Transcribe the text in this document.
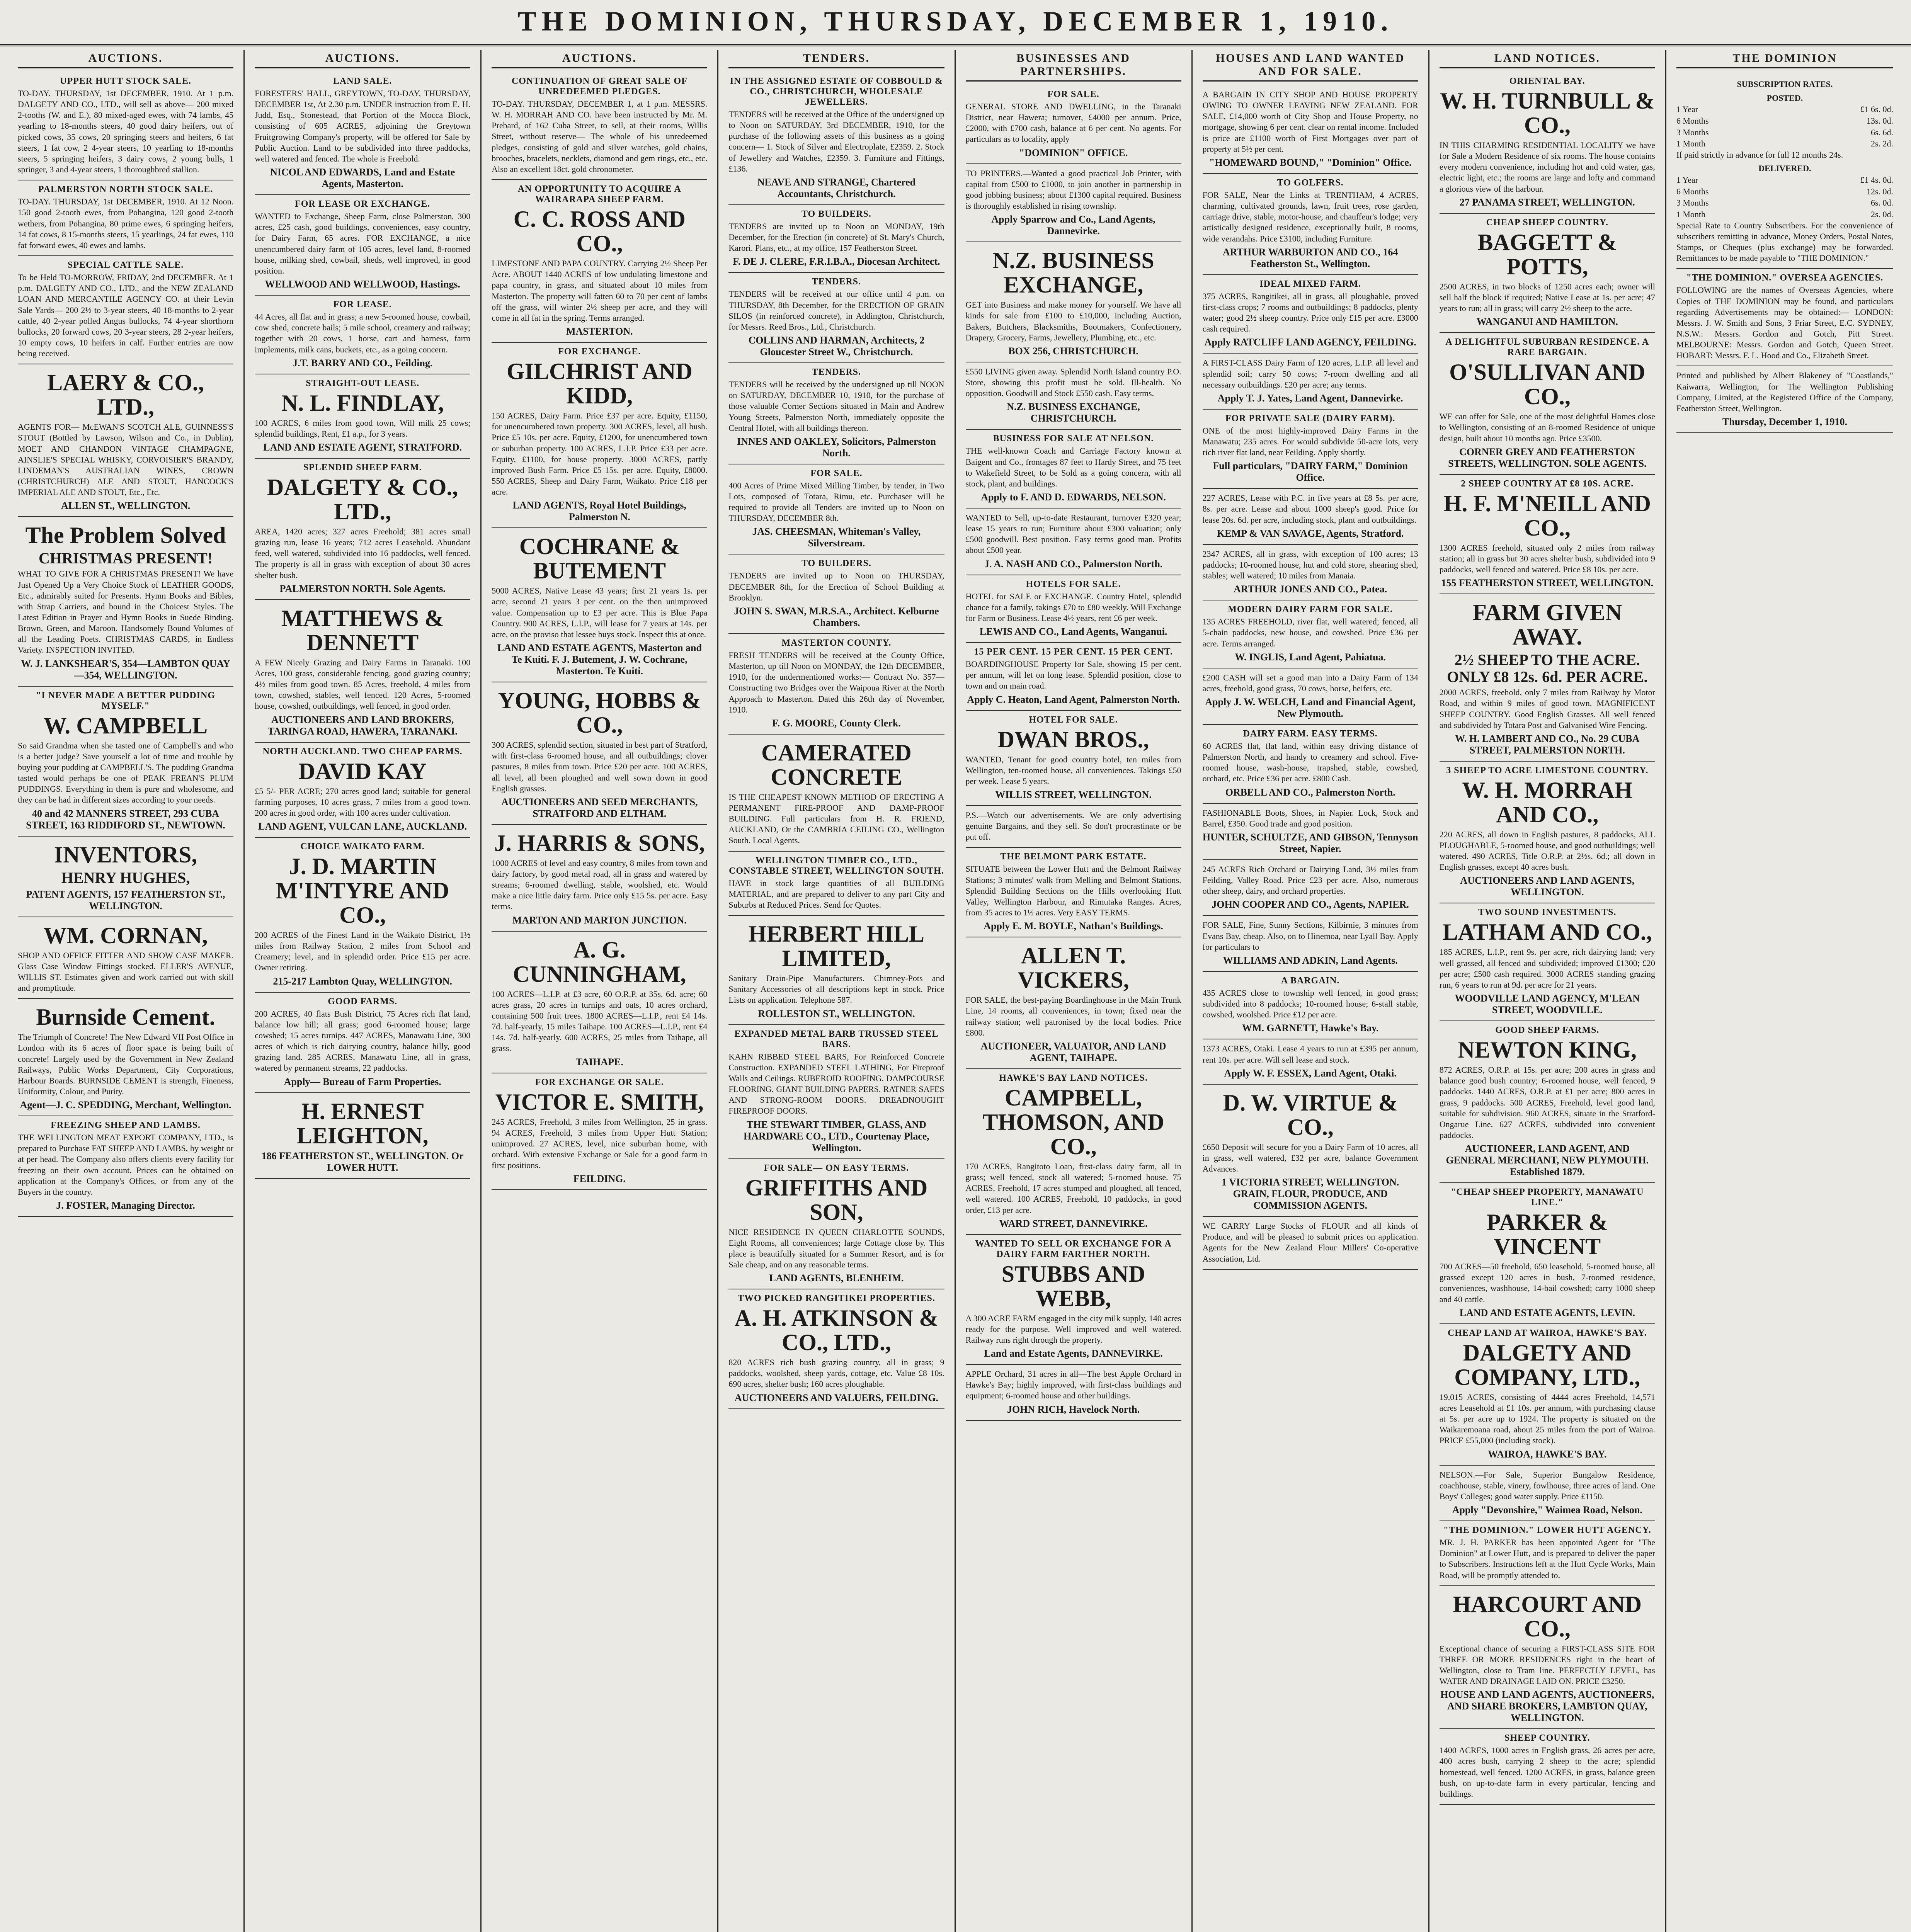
THE DOMINION, THURSDAY, DECEMBER 1, 1910.
AUCTIONS.
UPPER HUTT STOCK SALE.

TO-DAY. THURSDAY, 1st DECEMBER, 1910. At 1 p.m. DALGETY AND CO., LTD., will sell as above— 200 mixed 2-tooths (W. and E.), 80 mixed-aged ewes, with 74 lambs, 45 yearling to 18-months steers, 40 good dairy heifers, out of picked cows, 35 cows, 20 springing steers and heifers, 6 fat steers, 1 fat cow, 2 4-year steers, 10 yearling to 18-months steers, 5 springing heifers, 3 dairy cows, 2 young bulls, 1 springer, 3 and 4-year steers, 1 thoroughbred stallion.

PALMERSTON NORTH STOCK SALE.

TO-DAY. THURSDAY, 1st DECEMBER, 1910. At 12 Noon. 150 good 2-tooth ewes, from Pohangina, 120 good 2-tooth wethers, from Pohangina, 80 prime ewes, 6 springing heifers, 14 fat cows, 8 15-months steers, 15 yearlings, 24 fat ewes, 110 fat forward ewes, 40 ewes and lambs.

SPECIAL CATTLE SALE.

To be Held TO-MORROW, FRIDAY, 2nd DECEMBER. At 1 p.m. DALGETY AND CO., LTD., and the NEW ZEALAND LOAN AND MERCANTILE AGENCY CO. at their Levin Sale Yards— 200 2½ to 3-year steers, 40 18-months to 2-year cattle, 40 2-year polled Angus bullocks, 74 4-year shorthorn bullocks, 20 forward cows, 20 3-year steers, 28 2-year heifers, 10 empty cows, 10 heifers in calf. Further entries are now being received.

LAERY & CO., LTD.,

AGENTS FOR— McEWAN'S SCOTCH ALE, GUINNESS'S STOUT (Bottled by Lawson, Wilson and Co., in Dublin), MOET AND CHANDON VINTAGE CHAMPAGNE, AINSLIE'S SPECIAL WHISKY, CORVOISIER'S BRANDY, LINDEMAN'S AUSTRALIAN WINES, CROWN (CHRISTCHURCH) ALE AND STOUT, HANCOCK'S IMPERIAL ALE AND STOUT, Etc., Etc.

ALLEN ST., WELLINGTON.
The Problem Solved
CHRISTMAS PRESENT!

WHAT TO GIVE FOR A CHRISTMAS PRESENT! We have Just Opened Up a Very Choice Stock of LEATHER GOODS, Etc., admirably suited for Presents. Hymn Books and Bibles, with Strap Carriers, and bound in the Choicest Styles. The Latest Edition in Prayer and Hymn Books in Suede Binding. Brown, Green, and Maroon. Handsomely Bound Volumes of all the Leading Poets. CHRISTMAS CARDS, in Endless Variety. INSPECTION INVITED.

W. J. LANKSHEAR'S, 354—LAMBTON QUAY—354, WELLINGTON.
"I NEVER MADE A BETTER PUDDING MYSELF."
W. CAMPBELL

So said Grandma when she tasted one of Campbell's and who is a better judge? Save yourself a lot of time and trouble by buying your pudding at CAMPBELL'S. The pudding Grandma tasted would perhaps be one of PEAK FREAN'S PLUM PUDDINGS. Everything in them is pure and wholesome, and they can be had in different sizes according to your needs.

40 and 42 MANNERS STREET, 293 CUBA STREET, 163 RIDDIFORD ST., NEWTOWN.
INVENTORS,
HENRY HUGHES,
PATENT AGENTS, 157 FEATHERSTON ST., WELLINGTON.
WM. CORNAN,

SHOP AND OFFICE FITTER AND SHOW CASE MAKER. Glass Case Window Fittings stocked. ELLER'S AVENUE, WILLIS ST. Estimates given and work carried out with skill and promptitude.

Burnside Cement.

The Triumph of Concrete! The New Edward VII Post Office in London with its 6 acres of floor space is being built of concrete! Largely used by the Government in New Zealand Railways, Public Works Department, City Corporations, Harbour Boards. BURNSIDE CEMENT is strength, Fineness, Uniformity, Colour, and Purity.

Agent—J. C. SPEDDING, Merchant, Wellington.
FREEZING SHEEP AND LAMBS.

THE WELLINGTON MEAT EXPORT COMPANY, LTD., is prepared to Purchase FAT SHEEP AND LAMBS, by weight or at per head. The Company also offers clients every facility for freezing on their own account. Prices can be obtained on application at the Company's Offices, or from any of the Buyers in the country.

J. FOSTER, Managing Director.
AUCTIONS.
LAND SALE.

FORESTERS' HALL, GREYTOWN, TO-DAY, THURSDAY, DECEMBER 1st, At 2.30 p.m. UNDER instruction from E. H. Judd, Esq., Stonestead, that Portion of the Mocca Block, consisting of 605 ACRES, adjoining the Greytown Fruitgrowing Company's property, will be offered for Sale by Public Auction. Land to be subdivided into three paddocks, well watered and fenced. The whole is Freehold.

NICOL AND EDWARDS, Land and Estate Agents, Masterton.
FOR LEASE OR EXCHANGE.

WANTED to Exchange, Sheep Farm, close Palmerston, 300 acres, £25 cash, good buildings, conveniences, easy country, for Dairy Farm, 65 acres. FOR EXCHANGE, a nice unencumbered dairy farm of 105 acres, level land, 8-roomed house, milking shed, cowbail, sheds, well improved, in good position.

WELLWOOD AND WELLWOOD, Hastings.
FOR LEASE.

44 Acres, all flat and in grass; a new 5-roomed house, cowbail, cow shed, concrete bails; 5 mile school, creamery and railway; together with 20 cows, 1 horse, cart and harness, farm implements, milk cans, buckets, etc., as a going concern.

J.T. BARRY AND CO., Feilding.
STRAIGHT-OUT LEASE.
N. L. FINDLAY,

100 ACRES, 6 miles from good town, Will milk 25 cows; splendid buildings, Rent, £1 a.p., for 3 years.

LAND AND ESTATE AGENT, STRATFORD.
SPLENDID SHEEP FARM.
DALGETY & CO., LTD.,

AREA, 1420 acres; 327 acres Freehold; 381 acres small grazing run, lease 16 years; 712 acres Leasehold. Abundant feed, well watered, subdivided into 16 paddocks, well fenced. The property is all in grass with exception of about 30 acres shelter bush.

PALMERSTON NORTH. Sole Agents.
MATTHEWS & DENNETT

A FEW Nicely Grazing and Dairy Farms in Taranaki. 100 Acres, 100 grass, considerable fencing, good grazing country; 4½ miles from good town. 85 Acres, freehold, 4 miles from town, cowshed, stables, well fenced. 120 Acres, 5-roomed house, cowshed, outbuildings, well fenced, in good order.

AUCTIONEERS AND LAND BROKERS, TARINGA ROAD, HAWERA, TARANAKI.
NORTH AUCKLAND. TWO CHEAP FARMS.
DAVID KAY

£5 5/- PER ACRE; 270 acres good land; suitable for general farming purposes, 10 acres grass, 7 miles from a good town. 200 acres in good order, with 100 acres under cultivation.

LAND AGENT, VULCAN LANE, AUCKLAND.
CHOICE WAIKATO FARM.
J. D. MARTIN M'INTYRE AND CO.,

200 ACRES of the Finest Land in the Waikato District, 1½ miles from Railway Station, 2 miles from School and Creamery; level, and in splendid order. Price £15 per acre. Owner retiring.

215-217 Lambton Quay, WELLINGTON.
GOOD FARMS.

200 ACRES, 40 flats Bush District, 75 Acres rich flat land, balance low hill; all grass; good 6-roomed house; large cowshed; 15 acres turnips. 447 ACRES, Manawatu Line, 300 acres of which is rich dairying country, balance hilly, good grazing land. 285 ACRES, Manawatu Line, all in grass, watered by permanent streams, 22 paddocks.

Apply— Bureau of Farm Properties.
H. ERNEST LEIGHTON,
186 FEATHERSTON ST., WELLINGTON. Or LOWER HUTT.
AUCTIONS.
CONTINUATION OF GREAT SALE OF UNREDEEMED PLEDGES.

TO-DAY. THURSDAY, DECEMBER 1, at 1 p.m. MESSRS. W. H. MORRAH AND CO. have been instructed by Mr. M. Prebard, of 162 Cuba Street, to sell, at their rooms, Willis Street, without reserve— The whole of his unredeemed pledges, consisting of gold and silver watches, gold chains, brooches, bracelets, necklets, diamond and gem rings, etc., etc. Also an excellent 18ct. gold chronometer.

AN OPPORTUNITY TO ACQUIRE A WAIRARAPA SHEEP FARM.
C. C. ROSS AND CO.,

LIMESTONE AND PAPA COUNTRY. Carrying 2½ Sheep Per Acre. ABOUT 1440 ACRES of low undulating limestone and papa country, in grass, and situated about 10 miles from Masterton. The property will fatten 60 to 70 per cent of lambs off the grass, will winter 2½ sheep per acre, and they will come in all fat in the spring. Terms arranged.

MASTERTON.
FOR EXCHANGE.
GILCHRIST AND KIDD,

150 ACRES, Dairy Farm. Price £37 per acre. Equity, £1150, for unencumbered town property. 300 ACRES, level, all bush. Price £5 10s. per acre. Equity, £1200, for unencumbered town or suburban property. 100 ACRES, L.I.P. Price £33 per acre. Equity, £1100, for house property. 3000 ACRES, partly improved Bush Farm. Price £5 15s. per acre. Equity, £8000. 550 ACRES, Sheep and Dairy Farm, Waikato. Price £18 per acre.

LAND AGENTS, Royal Hotel Buildings, Palmerston N.
COCHRANE & BUTEMENT

5000 ACRES, Native Lease 43 years; first 21 years 1s. per acre, second 21 years 3 per cent. on the then unimproved value. Compensation up to £3 per acre. This is Blue Papa Country. 900 ACRES, L.I.P., will lease for 7 years at 14s. per acre, on the proviso that lessee buys stock. Inspect this at once.

LAND AND ESTATE AGENTS, Masterton and Te Kuiti. F. J. Butement, J. W. Cochrane, Masterton. Te Kuiti.
YOUNG, HOBBS & CO.,

300 ACRES, splendid section, situated in best part of Stratford, with first-class 6-roomed house, and all outbuildings; clover pastures, 8 miles from town. Price £20 per acre. 100 ACRES, all level, all been ploughed and well sown down in good English grasses.

AUCTIONEERS AND SEED MERCHANTS, STRATFORD AND ELTHAM.
J. HARRIS & SONS,

1000 ACRES of level and easy country, 8 miles from town and dairy factory, by good metal road, all in grass and watered by streams; 6-roomed dwelling, stable, woolshed, etc. Would make a nice little dairy farm. Price only £15 5s. per acre. Easy terms.

MARTON AND MARTON JUNCTION.
A. G. CUNNINGHAM,

100 ACRES—L.I.P. at £3 acre, 60 O.R.P. at 35s. 6d. acre; 60 acres grass, 20 acres in turnips and oats, 10 acres orchard, containing 500 fruit trees. 1800 ACRES—L.I.P., rent £4 14s. 7d. half-yearly, 15 miles Taihape. 100 ACRES—L.I.P., rent £4 14s. 7d. half-yearly. 600 ACRES, 25 miles from Taihape, all grass.

TAIHAPE.
FOR EXCHANGE OR SALE.
VICTOR E. SMITH,

245 ACRES, Freehold, 3 miles from Wellington, 25 in grass. 94 ACRES, Freehold, 3 miles from Upper Hutt Station; unimproved. 27 ACRES, level, nice suburban home, with orchard. With extensive Exchange or Sale for a good farm in first positions.

FEILDING.
TENDERS.
IN THE ASSIGNED ESTATE OF COBBOULD & CO., CHRISTCHURCH, WHOLESALE JEWELLERS.

TENDERS will be received at the Office of the undersigned up to Noon on SATURDAY, 3rd DECEMBER, 1910, for the purchase of the following assets of this business as a going concern— 1. Stock of Silver and Electroplate, £2359. 2. Stock of Jewellery and Watches, £2359. 3. Furniture and Fittings, £136.

NEAVE AND STRANGE, Chartered Accountants, Christchurch.
TO BUILDERS.

TENDERS are invited up to Noon on MONDAY, 19th December, for the Erection (in concrete) of St. Mary's Church, Karori. Plans, etc., at my office, 157 Featherston Street.

F. DE J. CLERE, F.R.I.B.A., Diocesan Architect.
TENDERS.

TENDERS will be received at our office until 4 p.m. on THURSDAY, 8th December, for the ERECTION OF GRAIN SILOS (in reinforced concrete), in Addington, Christchurch, for Messrs. Reed Bros., Ltd., Christchurch.

COLLINS AND HARMAN, Architects, 2 Gloucester Street W., Christchurch.
TENDERS.

TENDERS will be received by the undersigned up till NOON on SATURDAY, DECEMBER 10, 1910, for the purchase of those valuable Corner Sections situated in Main and Andrew Young Streets, Palmerston North, immediately opposite the Central Hotel, with all buildings thereon.

INNES AND OAKLEY, Solicitors, Palmerston North.
FOR SALE.

400 Acres of Prime Mixed Milling Timber, by tender, in Two Lots, composed of Totara, Rimu, etc. Purchaser will be required to provide all Tenders are invited up to Noon on THURSDAY, DECEMBER 8th.

JAS. CHEESMAN, Whiteman's Valley, Silverstream.
TO BUILDERS.

TENDERS are invited up to Noon on THURSDAY, DECEMBER 8th, for the Erection of School Building at Brooklyn.

JOHN S. SWAN, M.R.S.A., Architect. Kelburne Chambers.
MASTERTON COUNTY.

FRESH TENDERS will be received at the County Office, Masterton, up till Noon on MONDAY, the 12th DECEMBER, 1910, for the undermentioned works:— Contract No. 357—Constructing two Bridges over the Waipoua River at the North Approach to Masterton. Dated this 26th day of November, 1910.

F. G. MOORE, County Clerk.
CAMERATED CONCRETE

IS THE CHEAPEST KNOWN METHOD OF ERECTING A PERMANENT FIRE-PROOF AND DAMP-PROOF BUILDING. Full particulars from H. R. FRIEND, AUCKLAND, Or the CAMBRIA CEILING CO., Wellington South. Local Agents.

WELLINGTON TIMBER CO., LTD., CONSTABLE STREET, WELLINGTON SOUTH.

HAVE in stock large quantities of all BUILDING MATERIAL, and are prepared to deliver to any part City and Suburbs at Reduced Prices. Send for Quotes.

HERBERT HILL LIMITED,

Sanitary Drain-Pipe Manufacturers. Chimney-Pots and Sanitary Accessories of all descriptions kept in stock. Price Lists on application. Telephone 587.

ROLLESTON ST., WELLINGTON.
EXPANDED METAL BARB TRUSSED STEEL BARS.

KAHN RIBBED STEEL BARS, For Reinforced Concrete Construction. EXPANDED STEEL LATHING, For Fireproof Walls and Ceilings. RUBEROID ROOFING. DAMPCOURSE FLOORING. GIANT BUILDING PAPERS. RATNER SAFES AND STRONG-ROOM DOORS. DREADNOUGHT FIREPROOF DOORS.

THE STEWART TIMBER, GLASS, AND HARDWARE CO., LTD., Courtenay Place, Wellington.
FOR SALE— ON EASY TERMS.
GRIFFITHS AND SON,

NICE RESIDENCE IN QUEEN CHARLOTTE SOUNDS, Eight Rooms, all conveniences; large Cottage close by. This place is beautifully situated for a Summer Resort, and is for Sale cheap, and on any reasonable terms.

LAND AGENTS, BLENHEIM.
TWO PICKED RANGITIKEI PROPERTIES.
A. H. ATKINSON & CO., LTD.,

820 ACRES rich bush grazing country, all in grass; 9 paddocks, woolshed, sheep yards, cottage, etc. Value £8 10s. 690 acres, shelter bush; 160 acres ploughable.

AUCTIONEERS AND VALUERS, FEILDING.
BUSINESSES AND PARTNERSHIPS.
FOR SALE.

GENERAL STORE AND DWELLING, in the Taranaki District, near Hawera; turnover, £4000 per annum. Price, £2000, with £700 cash, balance at 6 per cent. No agents. For particulars as to locality, apply

"DOMINION" OFFICE.

TO PRINTERS.—Wanted a good practical Job Printer, with capital from £500 to £1000, to join another in partnership in good jobbing business; about £1300 capital required. Business is thoroughly established in rising township.

Apply Sparrow and Co., Land Agents, Dannevirke.
N.Z. BUSINESS EXCHANGE,

GET into Business and make money for yourself. We have all kinds for sale from £100 to £10,000, including Auction, Bakers, Butchers, Blacksmiths, Bootmakers, Confectionery, Drapery, Grocery, Farms, Jewellery, Plumbing, etc., etc.

BOX 256, CHRISTCHURCH.

£550 LIVING given away. Splendid North Island country P.O. Store, showing this profit must be sold. Ill-health. No opposition. Goodwill and Stock £550 cash. Easy terms.

N.Z. BUSINESS EXCHANGE, CHRISTCHURCH.
BUSINESS FOR SALE AT NELSON.

THE well-known Coach and Carriage Factory known at Baigent and Co., frontages 87 feet to Hardy Street, and 75 feet to Wakefield Street, to be Sold as a going concern, with all stock, plant, and buildings.

Apply to F. AND D. EDWARDS, NELSON.

WANTED to Sell, up-to-date Restaurant, turnover £320 year; lease 15 years to run; Furniture about £300 valuation; only £500 goodwill. Best position. Easy terms good man. Profits about £500 year.

J. A. NASH AND CO., Palmerston North.
HOTELS FOR SALE.

HOTEL for SALE or EXCHANGE. Country Hotel, splendid chance for a family, takings £70 to £80 weekly. Will Exchange for Farm or Business. Lease 4½ years, rent £6 per week.

LEWIS AND CO., Land Agents, Wanganui.
15 PER CENT. 15 PER CENT. 15 PER CENT.

BOARDINGHOUSE Property for Sale, showing 15 per cent. per annum, will let on long lease. Splendid position, close to town and on main road.

Apply C. Heaton, Land Agent, Palmerston North.
HOTEL FOR SALE.
DWAN BROS.,

WANTED, Tenant for good country hotel, ten miles from Wellington, ten-roomed house, all conveniences. Takings £50 per week. Lease 5 years.

WILLIS STREET, WELLINGTON.

P.S.—Watch our advertisements. We are only advertising genuine Bargains, and they sell. So don't procrastinate or be put off.

THE BELMONT PARK ESTATE.

SITUATE between the Lower Hutt and the Belmont Railway Stations; 3 minutes' walk from Melling and Belmont Stations. Splendid Building Sections on the Hills overlooking Hutt Valley, Wellington Harbour, and Rimutaka Ranges. Acres, from 35 acres to 1½ acres. Very EASY TERMS.

Apply E. M. BOYLE, Nathan's Buildings.
ALLEN T. VICKERS,

FOR SALE, the best-paying Boardinghouse in the Main Trunk Line, 14 rooms, all conveniences, in town; fixed near the railway station; well patronised by the local bodies. Price £800.

AUCTIONEER, VALUATOR, AND LAND AGENT, TAIHAPE.
HAWKE'S BAY LAND NOTICES.
CAMPBELL, THOMSON, AND CO.,

170 ACRES, Rangitoto Loan, first-class dairy farm, all in grass; well fenced, stock all watered; 5-roomed house. 75 ACRES, Freehold, 17 acres stumped and ploughed, all fenced, well watered. 100 ACRES, Freehold, 10 paddocks, in good order, £13 per acre.

WARD STREET, DANNEVIRKE.
WANTED TO SELL OR EXCHANGE FOR A DAIRY FARM FARTHER NORTH.
STUBBS AND WEBB,

A 300 ACRE FARM engaged in the city milk supply, 140 acres ready for the purpose. Well improved and well watered. Railway runs right through the property.

Land and Estate Agents, DANNEVIRKE.

APPLE Orchard, 31 acres in all—The best Apple Orchard in Hawke's Bay; highly improved, with first-class buildings and equipment; 6-roomed house and other buildings.

JOHN RICH, Havelock North.
HOUSES AND LAND WANTED AND FOR SALE.

A BARGAIN IN CITY SHOP AND HOUSE PROPERTY OWING TO OWNER LEAVING NEW ZEALAND. FOR SALE, £14,000 worth of City Shop and House Property, no mortgage, showing 6 per cent. clear on rental income. Included is price are £1100 worth of First Mortgages over part of property at 5½ per cent.

"HOMEWARD BOUND," "Dominion" Office.
TO GOLFERS.

FOR SALE, Near the Links at TRENTHAM, 4 ACRES, charming, cultivated grounds, lawn, fruit trees, rose garden, carriage drive, stable, motor-house, and chauffeur's lodge; very artistically designed residence, exceptionally built, 8 rooms, wide verandahs. Price £3100, including Furniture.

ARTHUR WARBURTON AND CO., 164 Featherston St., Wellington.
IDEAL MIXED FARM.

375 ACRES, Rangitikei, all in grass, all ploughable, proved first-class crops; 7 rooms and outbuildings; 8 paddocks, plenty water; good 2½ sheep country. Price only £15 per acre. £3000 cash required.

Apply RATCLIFF LAND AGENCY, FEILDING.

A FIRST-CLASS Dairy Farm of 120 acres, L.I.P. all level and splendid soil; carry 50 cows; 7-room dwelling and all necessary outbuildings. £20 per acre; any terms.

Apply T. J. Yates, Land Agent, Dannevirke.
FOR PRIVATE SALE (DAIRY FARM).

ONE of the most highly-improved Dairy Farms in the Manawatu; 235 acres. For would subdivide 50-acre lots, very rich river flat land, near Feilding. Apply shortly.

Full particulars, "DAIRY FARM," Dominion Office.

227 ACRES, Lease with P.C. in five years at £8 5s. per acre, 8s. per acre. Lease and about 1000 sheep's good. Price for lease 20s. 6d. per acre, including stock, plant and outbuildings.

KEMP & VAN SAVAGE, Agents, Stratford.

2347 ACRES, all in grass, with exception of 100 acres; 13 paddocks; 10-roomed house, hut and cold store, shearing shed, stables; well watered; 10 miles from Manaia.

ARTHUR JONES AND CO., Patea.
MODERN DAIRY FARM FOR SALE.

135 ACRES FREEHOLD, river flat, well watered; fenced, all 5-chain paddocks, new house, and cowshed. Price £36 per acre. Terms arranged.

W. INGLIS, Land Agent, Pahiatua.

£200 CASH will set a good man into a Dairy Farm of 134 acres, freehold, good grass, 70 cows, horse, heifers, etc.

Apply J. W. WELCH, Land and Financial Agent, New Plymouth.
DAIRY FARM. EASY TERMS.

60 ACRES flat, flat land, within easy driving distance of Palmerston North, and handy to creamery and school. Five-roomed house, wash-house, trapshed, stable, cowshed, orchard, etc. Price £36 per acre. £800 Cash.

ORBELL AND CO., Palmerston North.

FASHIONABLE Boots, Shoes, in Napier. Lock, Stock and Barrel, £350. Good trade and good position.

HUNTER, SCHULTZE, AND GIBSON, Tennyson Street, Napier.

245 ACRES Rich Orchard or Dairying Land, 3½ miles from Feilding, Valley Road. Price £23 per acre. Also, numerous other sheep, dairy, and orchard properties.

JOHN COOPER AND CO., Agents, NAPIER.

FOR SALE, Fine, Sunny Sections, Kilbirnie, 3 minutes from Evans Bay, cheap. Also, on to Hinemoa, near Lyall Bay. Apply for particulars to

WILLIAMS AND ADKIN, Land Agents.
A BARGAIN.

435 ACRES close to township well fenced, in good grass; subdivided into 8 paddocks; 10-roomed house; 6-stall stable, cowshed, woolshed. Price £12 per acre.

WM. GARNETT, Hawke's Bay.

1373 ACRES, Otaki. Lease 4 years to run at £395 per annum, rent 10s. per acre. Will sell lease and stock.

Apply W. F. ESSEX, Land Agent, Otaki.
D. W. VIRTUE & CO.,

£650 Deposit will secure for you a Dairy Farm of 10 acres, all in grass, well watered, £32 per acre, balance Government Advances.

1 VICTORIA STREET, WELLINGTON. GRAIN, FLOUR, PRODUCE, AND COMMISSION AGENTS.

WE CARRY Large Stocks of FLOUR and all kinds of Produce, and will be pleased to submit prices on application. Agents for the New Zealand Flour Millers' Co-operative Association, Ltd.

LAND NOTICES.
ORIENTAL BAY.
W. H. TURNBULL & CO.,

IN THIS CHARMING RESIDENTIAL LOCALITY we have for Sale a Modern Residence of six rooms. The house contains every modern convenience, including hot and cold water, gas, electric light, etc.; the rooms are large and lofty and command a glorious view of the harbour.

27 PANAMA STREET, WELLINGTON.
CHEAP SHEEP COUNTRY.
BAGGETT & POTTS,

2500 ACRES, in two blocks of 1250 acres each; owner will sell half the block if required; Native Lease at 1s. per acre; 47 years to run; all in grass; will carry 2½ sheep to the acre.

WANGANUI AND HAMILTON.
A DELIGHTFUL SUBURBAN RESIDENCE. A RARE BARGAIN.
O'SULLIVAN AND CO.,

WE can offer for Sale, one of the most delightful Homes close to Wellington, consisting of an 8-roomed Residence of unique design, built about 10 months ago. Price £3500.

CORNER GREY AND FEATHERSTON STREETS, WELLINGTON. SOLE AGENTS.
2 SHEEP COUNTRY AT £8 10S. ACRE.
H. F. M'NEILL AND CO.,

1300 ACRES freehold, situated only 2 miles from railway station; all in grass but 30 acres shelter bush, subdivided into 9 paddocks, well fenced and watered. Price £8 10s. per acre.

155 FEATHERSTON STREET, WELLINGTON.
FARM GIVEN AWAY.
2½ SHEEP TO THE ACRE. ONLY £8 12s. 6d. PER ACRE.

2000 ACRES, freehold, only 7 miles from Railway by Motor Road, and within 9 miles of good town. MAGNIFICENT SHEEP COUNTRY. Good English Grasses. All well fenced and subdivided by Totara Post and Galvanised Wire Fencing.

W. H. LAMBERT AND CO., No. 29 CUBA STREET, PALMERSTON NORTH.
3 SHEEP TO ACRE LIMESTONE COUNTRY.
W. H. MORRAH AND CO.,

220 ACRES, all down in English pastures, 8 paddocks, ALL PLOUGHABLE, 5-roomed house, and good outbuildings; well watered. 490 ACRES, Title O.R.P. at 2½s. 6d.; all down in English grasses, except 40 acres bush.

AUCTIONEERS AND LAND AGENTS, WELLINGTON.
TWO SOUND INVESTMENTS.
LATHAM AND CO.,

185 ACRES, L.I.P., rent 9s. per acre, rich dairying land; very well grassed, all fenced and subdivided; improved £1300; £20 per acre; £500 cash required. 3000 ACRES standing grazing run, 6 years to run at 9d. per acre for 21 years.

WOODVILLE LAND AGENCY, M'LEAN STREET, WOODVILLE.
GOOD SHEEP FARMS.
NEWTON KING,

872 ACRES, O.R.P. at 15s. per acre; 200 acres in grass and balance good bush country; 6-roomed house, well fenced, 9 paddocks. 1440 ACRES, O.R.P. at £1 per acre; 800 acres in grass, 9 paddocks. 500 ACRES, Freehold, level good land, suitable for subdivision. 960 ACRES, situate in the Stratford-Ongarue Line. 627 ACRES, subdivided into convenient paddocks.

AUCTIONEER, LAND AGENT, AND GENERAL MERCHANT, NEW PLYMOUTH. Established 1879.
"CHEAP SHEEP PROPERTY, MANAWATU LINE."
PARKER & VINCENT

700 ACRES—50 freehold, 650 leasehold, 5-roomed house, all grassed except 120 acres in bush, 7-roomed residence, conveniences, washhouse, 14-bail cowshed; carry 1000 sheep and 40 cattle.

LAND AND ESTATE AGENTS, LEVIN.
CHEAP LAND AT WAIROA, HAWKE'S BAY.
DALGETY AND COMPANY, LTD.,

19,015 ACRES, consisting of 4444 acres Freehold, 14,571 acres Leasehold at £1 10s. per annum, with purchasing clause at 5s. per acre up to 1924. The property is situated on the Waikaremoana road, about 25 miles from the port of Wairoa. PRICE £55,000 (including stock).

WAIROA, HAWKE'S BAY.

NELSON.—For Sale, Superior Bungalow Residence, coachhouse, stable, vinery, fowlhouse, three acres of land. One Boys' Colleges; good water supply. Price £1150.

Apply "Devonshire," Waimea Road, Nelson.
"THE DOMINION." LOWER HUTT AGENCY.

MR. J. H. PARKER has been appointed Agent for "The Dominion" at Lower Hutt, and is prepared to deliver the paper to Subscribers. Instructions left at the Hutt Cycle Works, Main Road, will be promptly attended to.

HARCOURT AND CO.,

Exceptional chance of securing a FIRST-CLASS SITE FOR THREE OR MORE RESIDENCES right in the heart of Wellington, close to Tram line. PERFECTLY LEVEL, has WATER AND DRAINAGE LAID ON. PRICE £3250.

HOUSE AND LAND AGENTS, AUCTIONEERS, AND SHARE BROKERS, LAMBTON QUAY, WELLINGTON.
SHEEP COUNTRY.

1400 ACRES, 1000 acres in English grass, 26 acres per acre, 400 acres bush, carrying 2 sheep to the acre; splendid homestead, well fenced. 1200 ACRES, in grass, balance green bush, on up-to-date farm in every particular, fencing and buildings.

THE DOMINION
SUBSCRIPTION RATES.
POSTED.
1 Year	£1 6s. 0d.
6 Months	13s. 0d.
3 Months	6s. 6d.
1 Month	2s. 2d.

If paid strictly in advance for full 12 months 24s.

DELIVERED.
1 Year	£1 4s. 0d.
6 Months	12s. 0d.
3 Months	6s. 0d.
1 Month	2s. 0d.

Special Rate to Country Subscribers. For the convenience of subscribers remitting in advance, Money Orders, Postal Notes, Stamps, or Cheques (plus exchange) may be forwarded. Remittances to be made payable to "THE DOMINION."

"THE DOMINION." OVERSEA AGENCIES.

FOLLOWING are the names of Overseas Agencies, where Copies of THE DOMINION may be found, and particulars regarding Advertisements may be obtained:— LONDON: Messrs. J. W. Smith and Sons, 3 Friar Street, E.C. SYDNEY, N.S.W.: Messrs. Gordon and Gotch, Pitt Street. MELBOURNE: Messrs. Gordon and Gotch, Queen Street. HOBART: Messrs. F. L. Hood and Co., Elizabeth Street.

Printed and published by Albert Blakeney of "Coastlands," Kaiwarra, Wellington, for The Wellington Publishing Company, Limited, at the Registered Office of the Company, Featherston Street, Wellington.

Thursday, December 1, 1910.
